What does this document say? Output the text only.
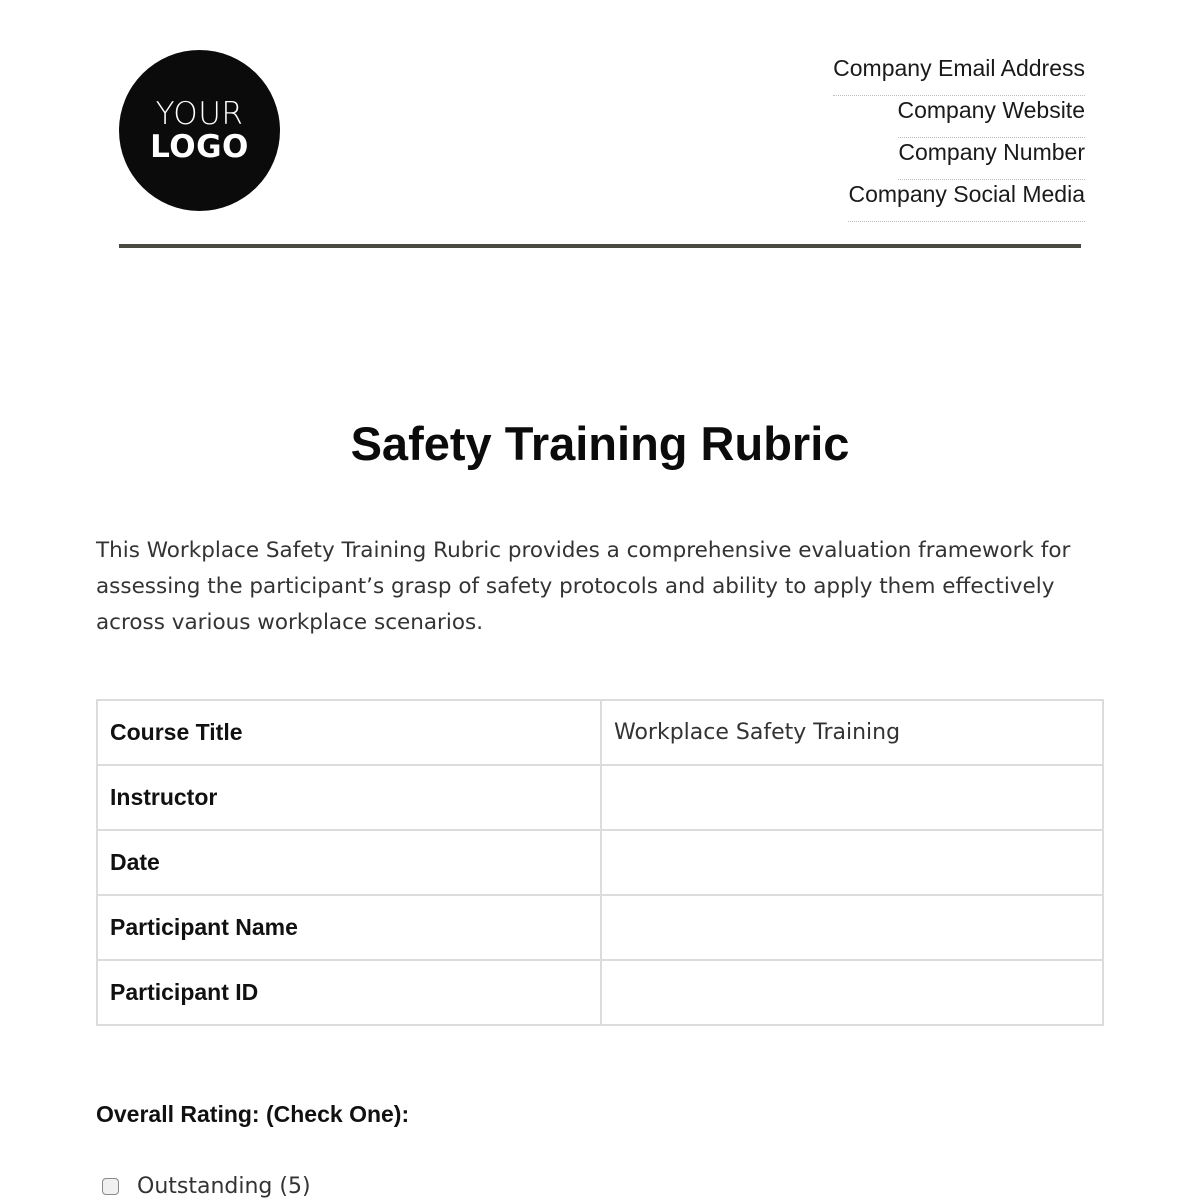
YOUR
LOGO
Company Email Address
Company Website
Company Number
Company Social Media
Safety Training Rubric

This Workplace Safety Training Rubric provides a comprehensive evaluation framework for assessing the participant’s grasp of safety protocols and ability to apply them effectively across various workplace scenarios.

Course Title	Workplace Safety Training
Instructor	
Date	
Participant Name	
Participant ID	
Overall Rating: (Check One):
Outstanding (5)
